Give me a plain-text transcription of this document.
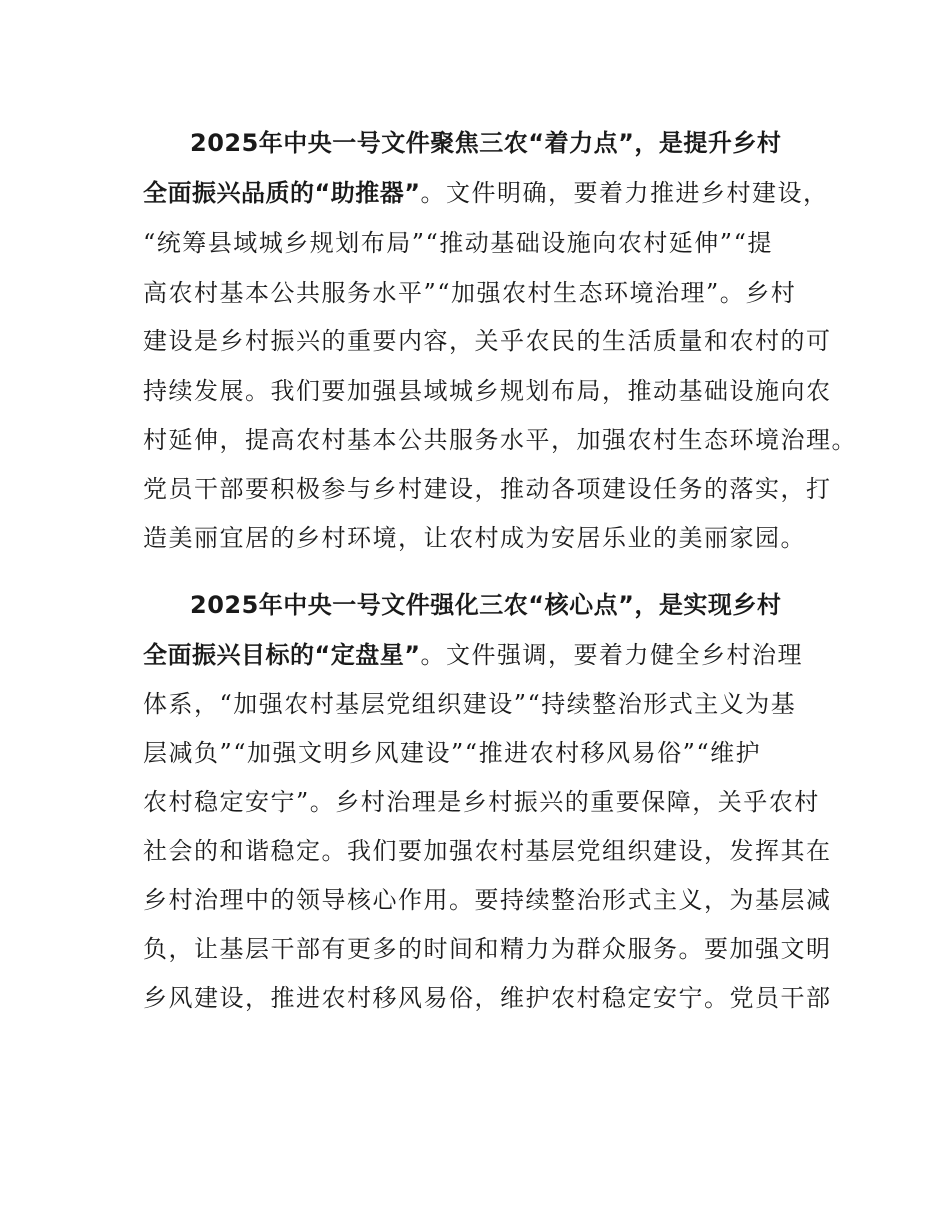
2025年中央一号文件聚焦三农“着力点”，是提升乡村
全面振兴品质的“助推器”。文件明确，要着力推进乡村建设，
“统筹县域城乡规划布局”“推动基础设施向农村延伸”“提
高农村基本公共服务水平”“加强农村生态环境治理”。乡村
建设是乡村振兴的重要内容，关乎农民的生活质量和农村的可
持续发展。我们要加强县域城乡规划布局，推动基础设施向农
村延伸，提高农村基本公共服务水平，加强农村生态环境治理。
党员干部要积极参与乡村建设，推动各项建设任务的落实，打
造美丽宜居的乡村环境，让农村成为安居乐业的美丽家园。
2025年中央一号文件强化三农“核心点”，是实现乡村
全面振兴目标的“定盘星”。文件强调，要着力健全乡村治理
体系，“加强农村基层党组织建设”“持续整治形式主义为基
层减负”“加强文明乡风建设”“推进农村移风易俗”“维护
农村稳定安宁”。乡村治理是乡村振兴的重要保障，关乎农村
社会的和谐稳定。我们要加强农村基层党组织建设，发挥其在
乡村治理中的领导核心作用。要持续整治形式主义，为基层减
负，让基层干部有更多的时间和精力为群众服务。要加强文明
乡风建设，推进农村移风易俗，维护农村稳定安宁。党员干部
